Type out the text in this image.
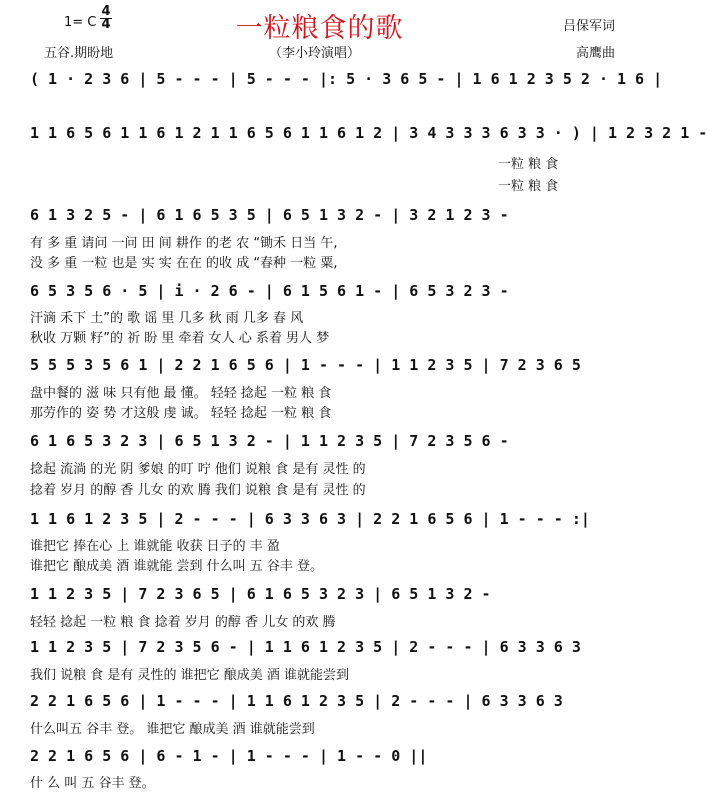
1= C
4
4	一粒粮食的歌	吕保军词
五谷.期盼地	（李小玲演唱）	高鹰曲
( 1 · 2 3 6 | 5 - - - | 5 - - - |: 5 · 3 6 5 - | 1 6 1 2 3 5 2 · 1 6 |
1 1 6 5 6 1 1 6 1 2 1 1 6 5 6 1 1 6 1 2 | 3 4 3 3 3 6 3 3 · ) | 1 2 3 2 1 -
一粒 粮 食
一粒 粮 食
6 1 3 2 5 - | 6 1 6 5 3 5 | 6 5 1 3 2 - | 3 2 1 2 3 -
有 多 重 请问 一问 田 间 耕作 的老 农 “锄禾 日当 午,
没 多 重 一粒 也是 实 实 在在 的收 成 “春种 一粒 粟,
6 5 3 5 6 · 5 | i · 2 6 - | 6 1 5 6 1 - | 6 5 3 2 3 -
汗滴 禾下 土”的 歌 谣 里 几多 秋 雨 几多 春 风
秋收 万颗 籽”的 祈 盼 里 牵着 女人 心 系着 男人 梦
5 5 5 3 5 6 1 | 2 2 1 6 5 6 | 1 - - - | 1 1 2 3 5 | 7 2 3 6 5
盘中餐的 滋 味 只有他 最 懂。 轻轻 捻起 一粒 粮 食
那劳作的 姿 势 才这般 虔 诚。 轻轻 捻起 一粒 粮 食
6 1 6 5 3 2 3 | 6 5 1 3 2 - | 1 1 2 3 5 | 7 2 3 5 6 -
捻起 流淌 的光 阴 爹娘 的叮 咛 他们 说粮 食 是有 灵性 的
捻着 岁月 的醇 香 儿女 的欢 腾 我们 说粮 食 是有 灵性 的
1 1 6 1 2 3 5 | 2 - - - | 6 3 3 6 3 | 2 2 1 6 5 6 | 1 - - - :|
谁把它 捧在心 上 谁就能 收获 日子的 丰 盈
谁把它 酿成美 酒 谁就能 尝到 什么叫 五 谷丰 登。
1 1 2 3 5 | 7 2 3 6 5 | 6 1 6 5 3 2 3 | 6 5 1 3 2 -
轻轻 捻起 一粒 粮 食 捻着 岁月 的醇 香 儿女 的欢 腾
1 1 2 3 5 | 7 2 3 5 6 - | 1 1 6 1 2 3 5 | 2 - - - | 6 3 3 6 3
我们 说粮 食 是有 灵性的 谁把它 酿成美 酒 谁就能尝到
2 2 1 6 5 6 | 1 - - - | 1 1 6 1 2 3 5 | 2 - - - | 6 3 3 6 3
什么叫五 谷丰 登。 谁把它 酿成美 酒 谁就能尝到
2 2 1 6 5 6 | 6 - 1 - | 1 - - - | 1 - - 0 ||
什 么 叫 五 谷丰 登。
